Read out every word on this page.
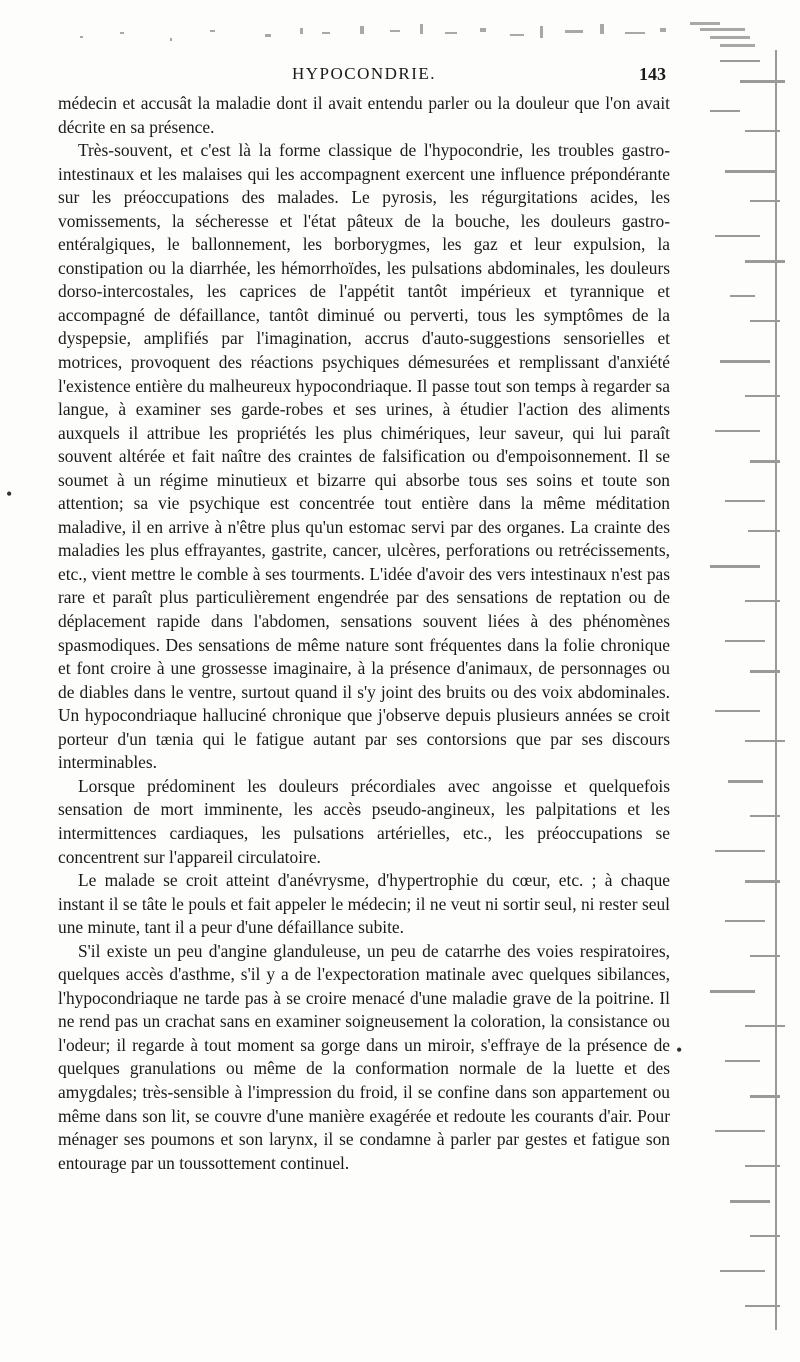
HYPOCONDRIE.	143

médecin et accusât la maladie dont il avait entendu parler ou la douleur que l'on avait décrite en sa présence.

Très-souvent, et c'est là la forme classique de l'hypocondrie, les troubles gastro-intestinaux et les malaises qui les accompagnent exercent une influence prépondérante sur les préoccupations des malades. Le pyrosis, les régurgitations acides, les vomissements, la sécheresse et l'état pâteux de la bouche, les douleurs gastro-entéralgiques, le ballonnement, les borborygmes, les gaz et leur expulsion, la constipation ou la diarrhée, les hémorrhoïdes, les pulsations abdominales, les douleurs dorso-intercostales, les caprices de l'appétit tantôt impérieux et tyrannique et accompagné de défaillance, tantôt diminué ou perverti, tous les symptômes de la dyspepsie, amplifiés par l'imagination, accrus d'auto-suggestions sensorielles et motrices, provoquent des réactions psychiques démesurées et remplissant d'anxiété l'existence entière du malheureux hypocondriaque. Il passe tout son temps à regarder sa langue, à examiner ses garde-robes et ses urines, à étudier l'action des aliments auxquels il attribue les propriétés les plus chimériques, leur saveur, qui lui paraît souvent altérée et fait naître des craintes de falsification ou d'empoisonnement. Il se soumet à un régime minutieux et bizarre qui absorbe tous ses soins et toute son attention; sa vie psychique est concentrée tout entière dans la même méditation maladive, il en arrive à n'être plus qu'un estomac servi par des organes. La crainte des maladies les plus effrayantes, gastrite, cancer, ulcères, perforations ou retrécissements, etc., vient mettre le comble à ses tourments. L'idée d'avoir des vers intestinaux n'est pas rare et paraît plus particulièrement engendrée par des sensations de reptation ou de déplacement rapide dans l'abdomen, sensations souvent liées à des phénomènes spasmodiques. Des sensations de même nature sont fréquentes dans la folie chronique et font croire à une grossesse imaginaire, à la présence d'animaux, de personnages ou de diables dans le ventre, surtout quand il s'y joint des bruits ou des voix abdominales. Un hypocondriaque halluciné chronique que j'observe depuis plusieurs années se croit porteur d'un tænia qui le fatigue autant par ses contorsions que par ses discours interminables.

Lorsque prédominent les douleurs précordiales avec angoisse et quelquefois sensation de mort imminente, les accès pseudo-angineux, les palpitations et les intermittences cardiaques, les pulsations artérielles, etc., les préoccupations se concentrent sur l'appareil circulatoire.

Le malade se croit atteint d'anévrysme, d'hypertrophie du cœur, etc. ; à chaque instant il se tâte le pouls et fait appeler le médecin; il ne veut ni sortir seul, ni rester seul une minute, tant il a peur d'une défaillance subite.

S'il existe un peu d'angine glanduleuse, un peu de catarrhe des voies respiratoires, quelques accès d'asthme, s'il y a de l'expectoration matinale avec quelques sibilances, l'hypocondriaque ne tarde pas à se croire menacé d'une maladie grave de la poitrine. Il ne rend pas un crachat sans en examiner soigneusement la coloration, la consistance ou l'odeur; il regarde à tout moment sa gorge dans un miroir, s'effraye de la présence de quelques granulations ou même de la conformation normale de la luette et des amygdales; très-sensible à l'impression du froid, il se confine dans son appartement ou même dans son lit, se couvre d'une manière exagérée et redoute les courants d'air. Pour ménager ses poumons et son larynx, il se condamne à parler par gestes et fatigue son entourage par un toussottement continuel.

•
•
